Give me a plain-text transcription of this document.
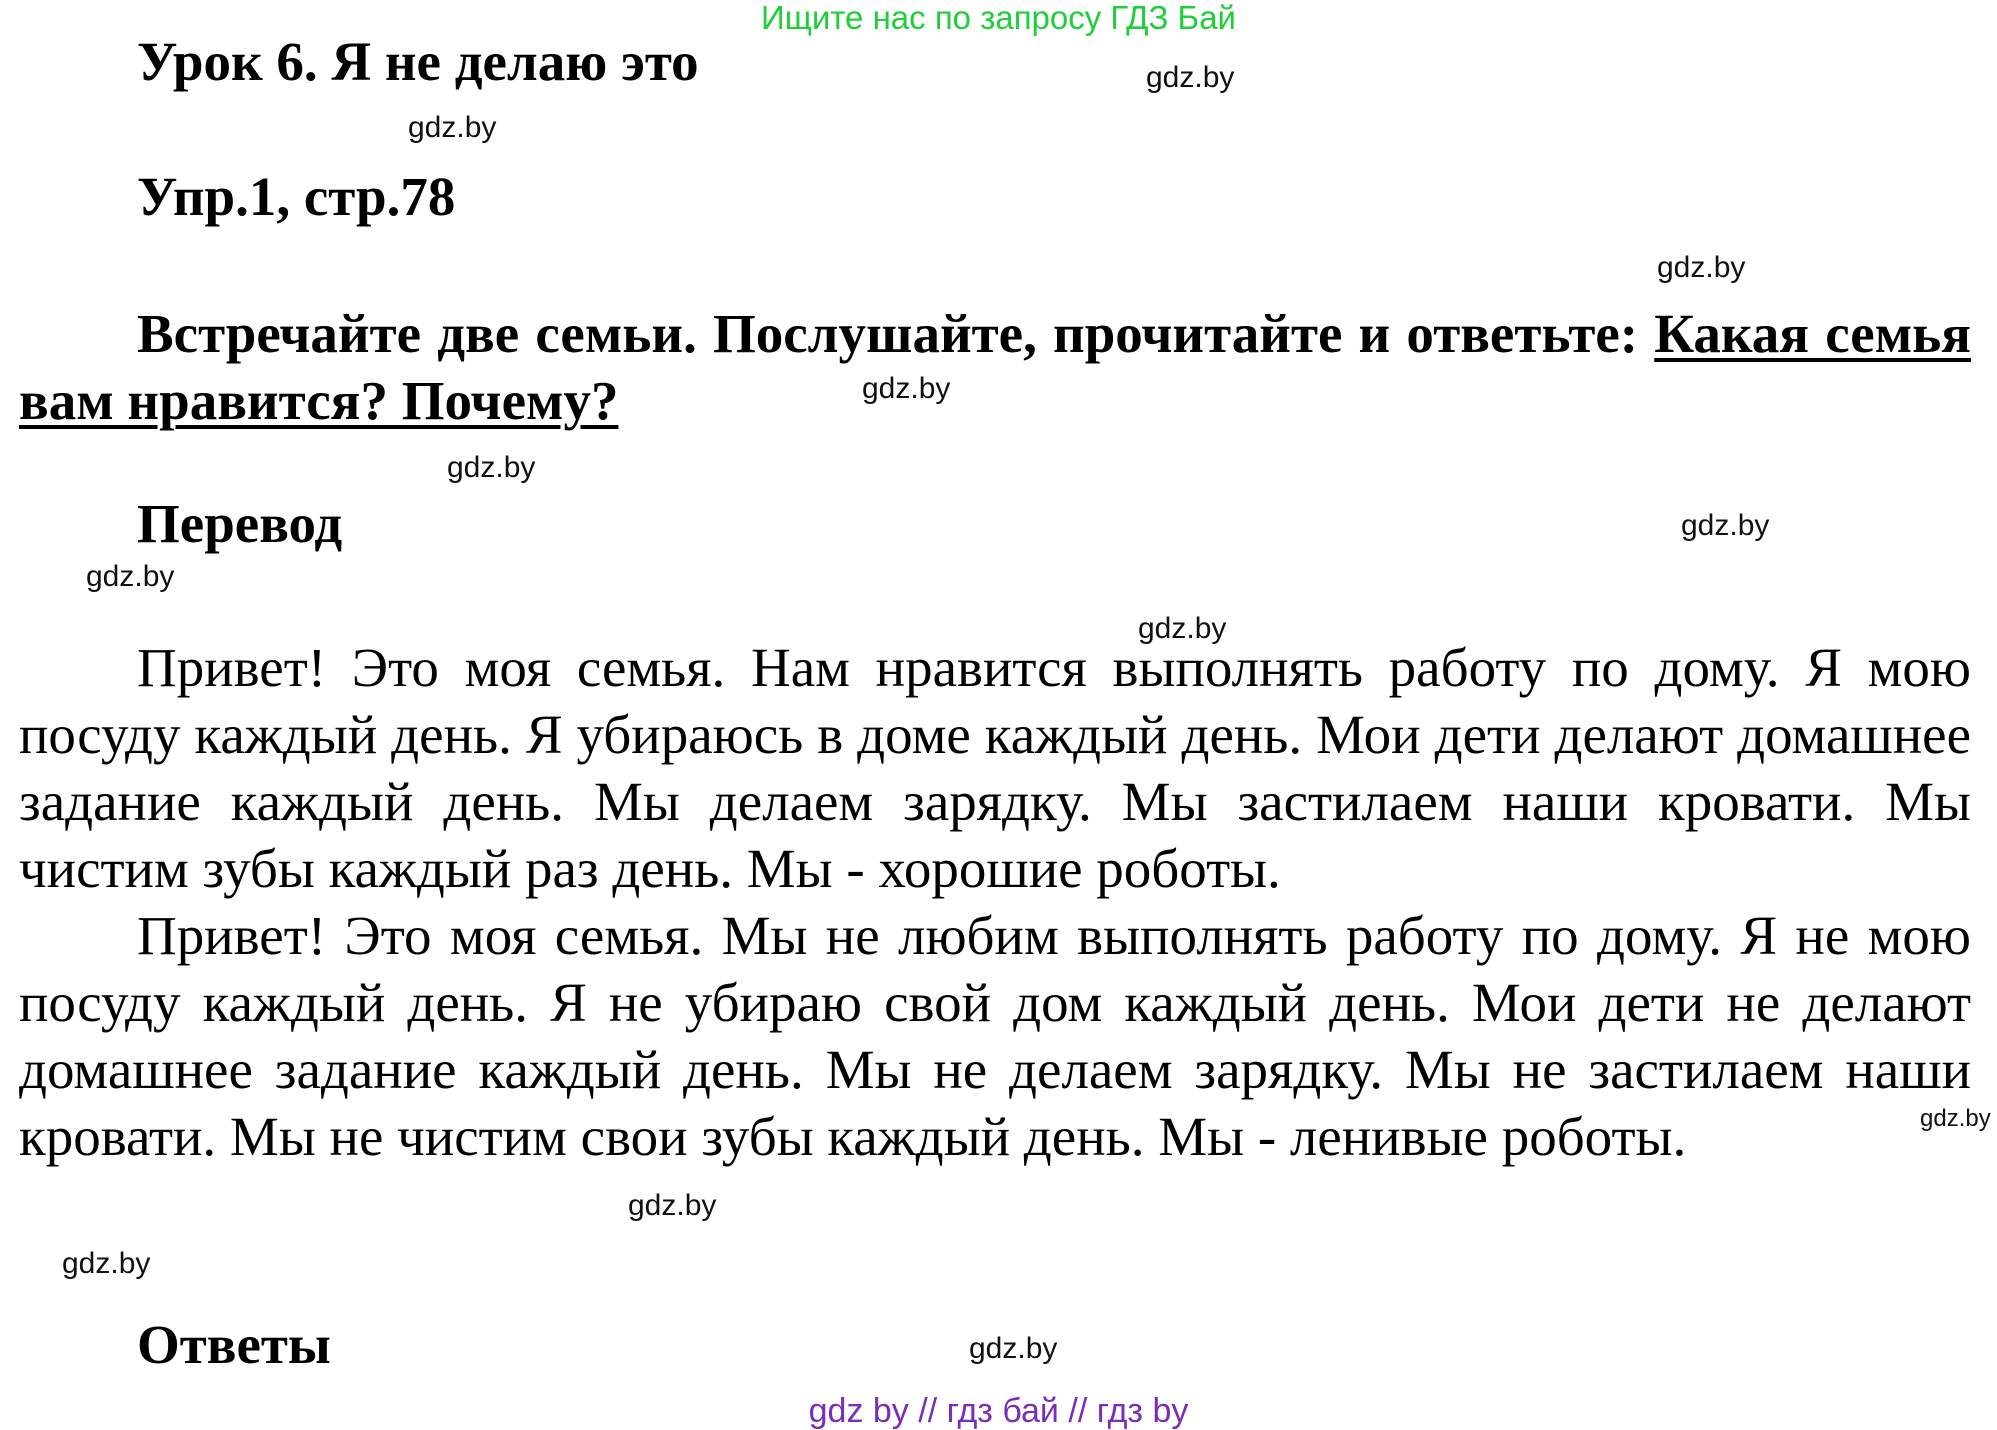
Ищите нас по запросу ГДЗ Бай
Урок 6. Я не делаю это
Упр.1, стр.78
Встречайте две семьи. Послушайте, прочитайте и ответьте: Какая семья вам нравится? Почему?
Перевод

Привет! Это моя семья. Нам нравится выполнять работу по дому. Я мою посуду каждый день. Я убираюсь в доме каждый день. Мои дети делают домашнее задание каждый день. Мы делаем зарядку. Мы застилаем наши кровати. Мы чистим зубы каждый раз день. Мы - хорошие роботы.

Привет! Это моя семья. Мы не любим выполнять работу по дому. Я не мою посуду каждый день. Я не убираю свой дом каждый день. Мои дети не делают домашнее задание каждый день. Мы не делаем зарядку. Мы не застилаем наши кровати. Мы не чистим свои зубы каждый день. Мы - ленивые роботы.

Ответы
gdz.by
gdz.by
gdz.by
gdz.by
gdz.by
gdz.by
gdz.by
gdz.by
gdz.by
gdz.by
gdz.by
gdz.by
gdz by // гдз бай // гдз by
